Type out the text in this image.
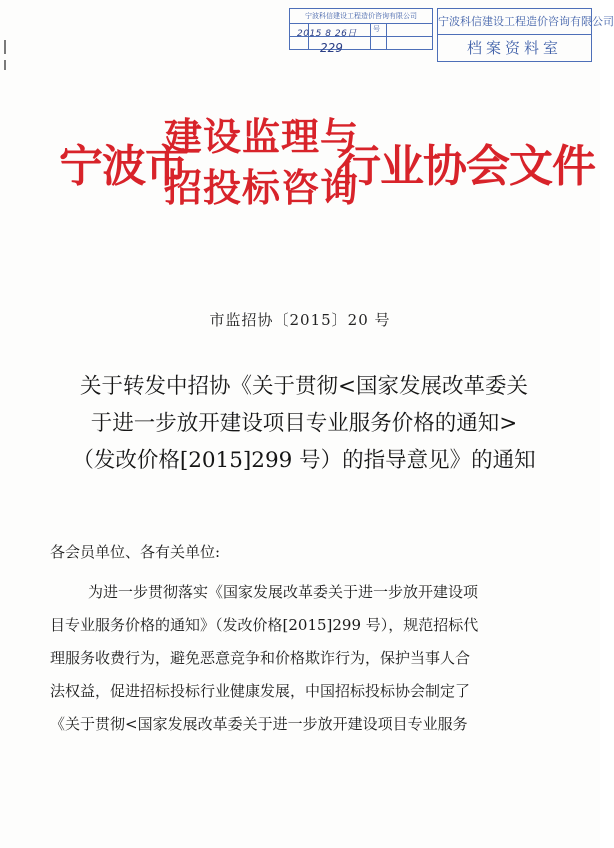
宁波科信建设工程造价咨询有限公司
号
2015 8 26日
229
宁波科信建设工程造价咨询有限公司
档案资料室
宁波市
建设监理与
招投标咨询
行业协会文件
市监招协〔2015〕20 号
关于转发中招协《关于贯彻<国家发展改革委关
于进一步放开建设项目专业服务价格的通知>
（发改价格[2015]299 号）的指导意见》的通知
各会员单位、各有关单位:
为进一步贯彻落实《国家发展改革委关于进一步放开建设项
目专业服务价格的通知》（发改价格[2015]299 号），规范招标代
理服务收费行为，避免恶意竞争和价格欺诈行为，保护当事人合
法权益，促进招标投标行业健康发展，中国招标投标协会制定了
《关于贯彻<国家发展改革委关于进一步放开建设项目专业服务
